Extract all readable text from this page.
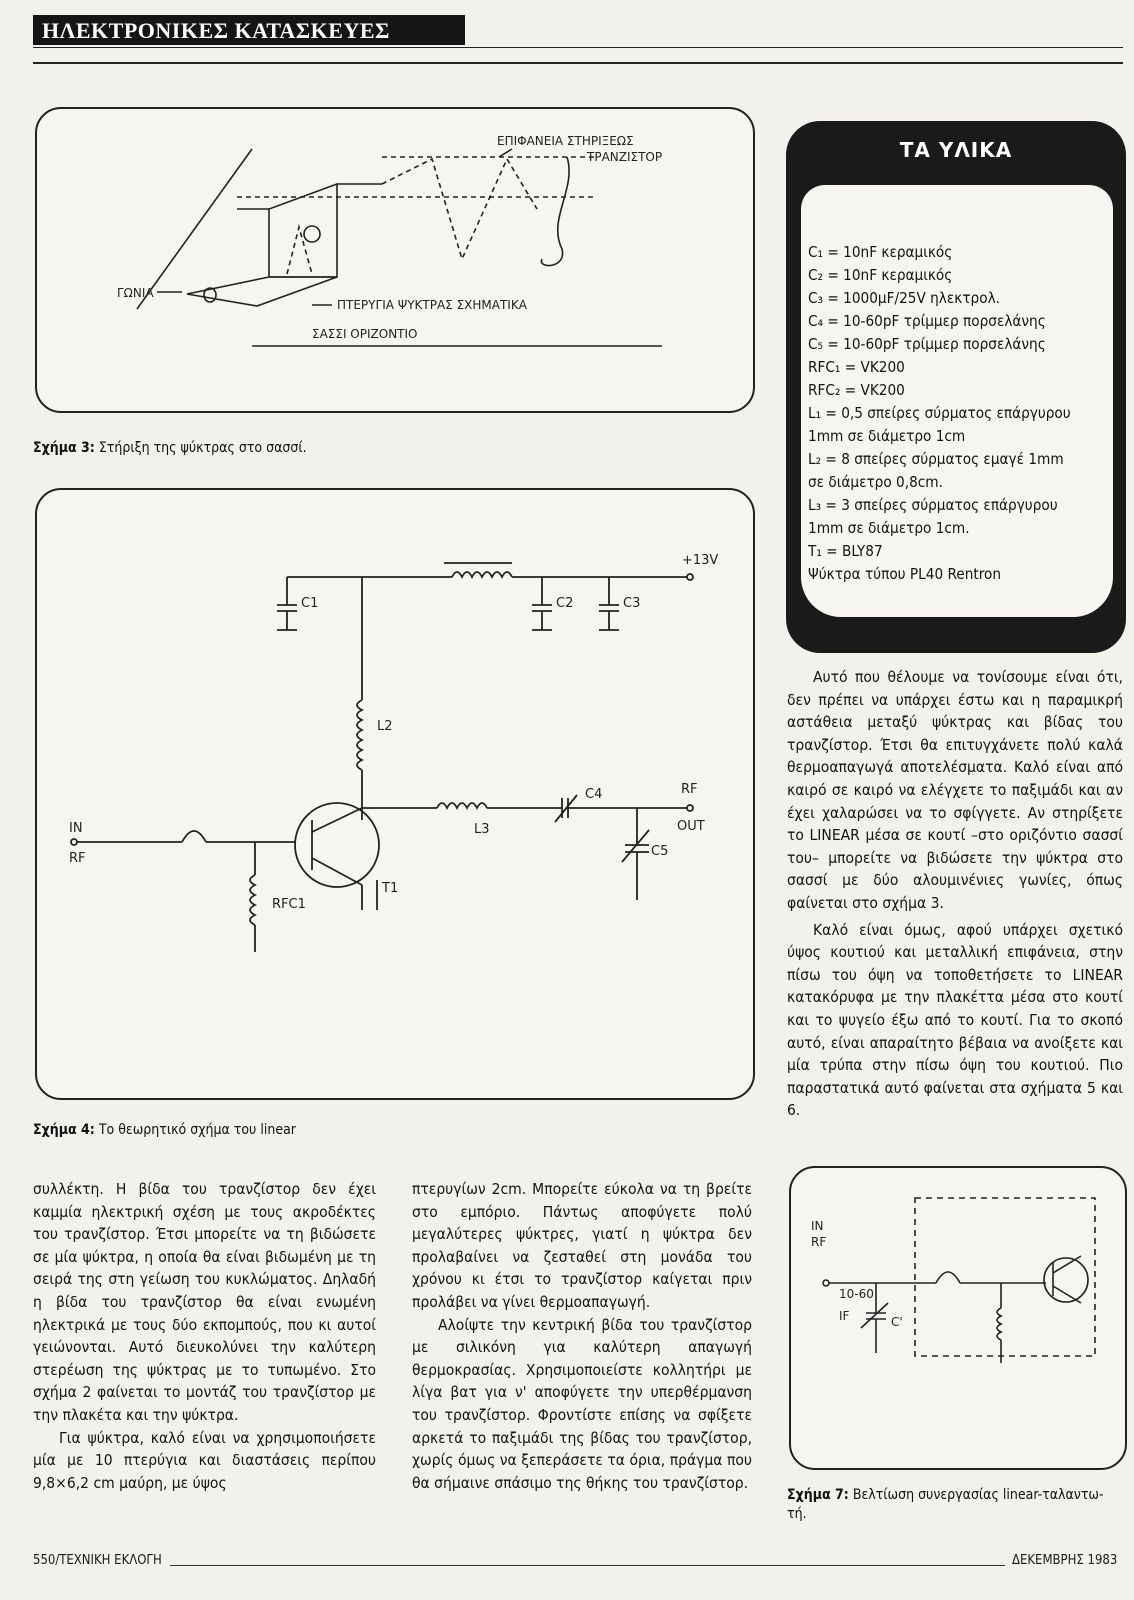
ΗΛΕΚΤΡΟΝΙΚΕΣ ΚΑΤΑΣΚΕΥΕΣ
ΕΠΙΦΑΝΕΙΑ ΣΤΗΡΙΞΕΩΣ
ΤΡΑΝΖΙΣΤΟΡ
ΓΩΝΙΑ
ΠΤΕΡΥΓΙΑ ΨΥΚΤΡΑΣ ΣΧΗΜΑΤΙΚΑ
ΣΑΣΣΙ ΟΡΙΖΟΝΤΙΟ
Σχήμα 3: Στήριξη της ψύκτρας στο σασσί.
+13V
C1	C2	C3
L2
L3
C4
C5
RF
OUT
IN
RF
RFC1
T1
Σχήμα 4: Το θεωρητικό σχήμα του linear
ΤΑ ΥΛΙΚΑ
C₁ = 10nF κεραμικός
C₂ = 10nF κεραμικός
C₃ = 1000μF/25V ηλεκτρολ.
C₄ = 10-60pF τρίμμερ πορσελάνης
C₅ = 10-60pF τρίμμερ πορσελάνης
RFC₁ = VK200
RFC₂ = VK200
L₁ = 0,5 σπείρες σύρματος επάργυρου
1mm σε διάμετρο 1cm
L₂ = 8 σπείρες σύρματος εμαγέ 1mm
σε διάμετρο 0,8cm.
L₃ = 3 σπείρες σύρματος επάργυρου
1mm σε διάμετρο 1cm.
T₁ = BLY87
Ψύκτρα τύπου PL40 Rentron

Αυτό που θέλουμε να τονίσουμε είναι ότι, δεν πρέπει να υπάρχει έστω και η παραμικρή αστάθεια μεταξύ ψύκτρας και βίδας του τρανζίστορ. Έτσι θα επιτυγχάνετε πολύ καλά θερμοαπαγωγά αποτελέσματα. Καλό είναι από καιρό σε καιρό να ελέγχετε το παξιμάδι και αν έχει χαλαρώσει να το σφίγγετε. Αν στηρίξετε το LINEAR μέσα σε κουτί –στο οριζόντιο σασσί του– μπορείτε να βιδώσετε την ψύκτρα στο σασσί με δύο αλουμινένιες γωνίες, όπως φαίνεται στο σχήμα 3.

Καλό είναι όμως, αφού υπάρχει σχετικό ύψος κουτιού και μεταλλική επιφάνεια, στην πίσω του όψη να τοποθετήσετε το LINEAR κατακόρυφα με την πλακέττα μέσα στο κουτί και το ψυγείο έξω από το κουτί. Για το σκοπό αυτό, είναι απαραίτητο βέβαια να ανοίξετε και μία τρύπα στην πίσω όψη του κουτιού. Πιο παραστατικά αυτό φαίνεται στα σχήματα 5 και 6.

IN
RF
10-60
IF	C'
Σχήμα 7: Βελτίωση συνεργασίας linear-ταλαντω-τή.

συλλέκτη. Η βίδα του τρανζίστορ δεν έχει καμμία ηλεκτρική σχέση με τους ακροδέκτες του τρανζίστορ. Έτσι μπορείτε να τη βιδώσετε σε μία ψύκτρα, η οποία θα είναι βιδωμένη με τη σειρά της στη γείωση του κυκλώματος. Δηλαδή η βίδα του τρανζίστορ θα είναι ενωμένη ηλεκτρικά με τους δύο εκπομπούς, που κι αυτοί γειώνονται. Αυτό διευκολύνει την καλύτερη στερέωση της ψύκτρας με το τυπωμένο. Στο σχήμα 2 φαίνεται το μοντάζ του τρανζίστορ με την πλακέτα και την ψύκτρα.

Για ψύκτρα, καλό είναι να χρησιμοποιήσετε μία με 10 πτερύγια και διαστάσεις περίπου 9,8×6,2 cm μαύρη, με ύψος

πτερυγίων 2cm. Μπορείτε εύκολα να τη βρείτε στο εμπόριο. Πάντως αποφύγετε πολύ μεγαλύτερες ψύκτρες, γιατί η ψύκτρα δεν προλαβαίνει να ζεσταθεί στη μονάδα του χρόνου κι έτσι το τρανζίστορ καίγεται πριν προλάβει να γίνει θερμοαπαγωγή.

Αλοίψτε την κεντρική βίδα του τρανζίστορ με σιλικόνη για καλύτερη απαγωγή θερμοκρασίας. Χρησιμοποιείστε κολλητήρι με λίγα βατ για ν' αποφύγετε την υπερθέρμανση του τρανζίστορ. Φροντίστε επίσης να σφίξετε αρκετά το παξιμάδι της βίδας του τρανζίστορ, χωρίς όμως να ξεπεράσετε τα όρια, πράγμα που θα σήμαινε σπάσιμο της θήκης του τρανζίστορ.

550/ΤΕΧΝΙΚΗ ΕΚΛΟΓΗ	ΔΕΚΕΜΒΡΗΣ 1983
